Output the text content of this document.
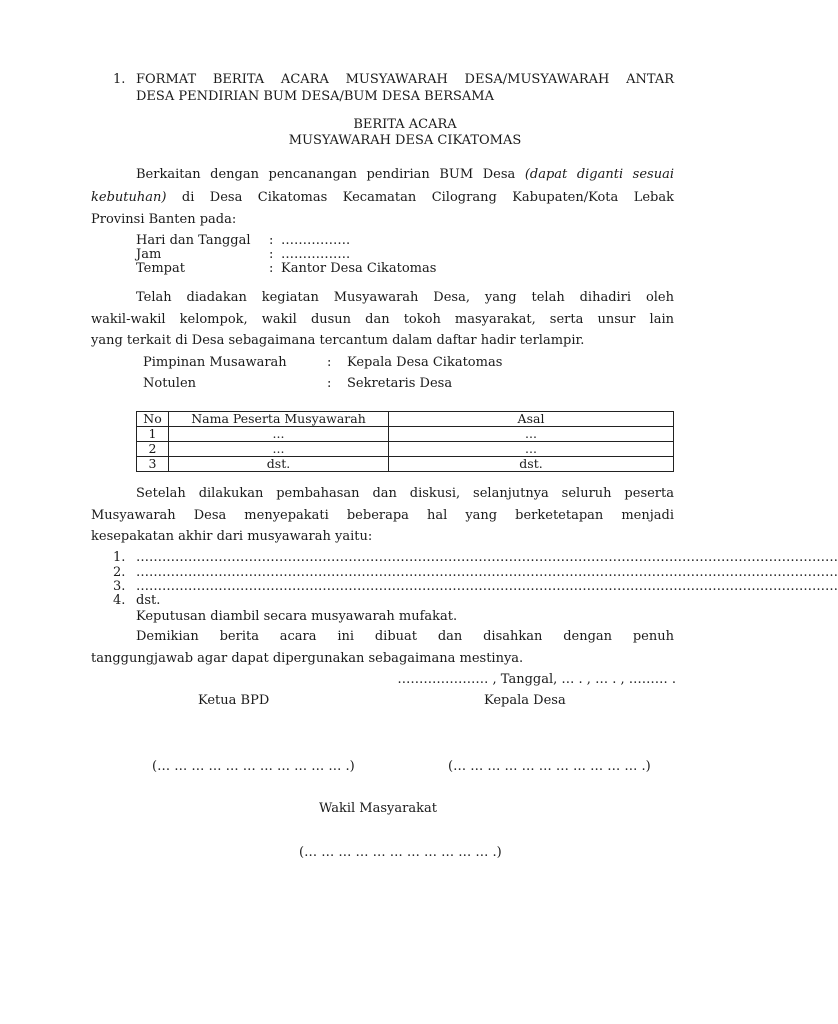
1. FORMAT BERITA ACARA MUSYAWARAH DESA/MUSYAWARAH ANTAR
DESA PENDIRIAN BUM DESA/BUM DESA BERSAMA
BERITA ACARA
MUSYAWARAH DESA CIKATOMAS
Berkaitan dengan pencanangan pendirian BUM Desa (dapat diganti sesuai
kebutuhan) di Desa Cikatomas Kecamatan Cilograng Kabupaten/Kota Lebak
Provinsi Banten pada:
Hari dan Tanggal : …………….
Jam	: …………….
Tempat	: Kantor Desa Cikatomas
Telah diadakan kegiatan Musyawarah Desa, yang telah dihadiri oleh
wakil-wakil kelompok, wakil dusun dan tokoh masyarakat, serta unsur lain
yang terkait di Desa sebagaimana tercantum dalam daftar hadir terlampir.
Pimpinan Musawarah	: Kepala Desa Cikatomas
Notulen	: Sekretaris Desa
No	Nama Peserta Musyawarah	Asal
1	...	...
2	...	...
3	dst.	dst.
Setelah dilakukan pembahasan dan diskusi, selanjutnya seluruh peserta
Musyawarah Desa menyepakati beberapa hal yang berketetapan menjadi
kesepakatan akhir dari musyawarah yaitu:
1. ………………………………………………………………………………………………………………………………………………
2. ………………………………………………………………………………………………………………………………………………
3. ………………………………………………………………………………………………………………………………………………
4. dst.
Keputusan diambil secara musyawarah mufakat.
Demikian berita acara ini dibuat dan disahkan dengan penuh
tanggungjawab agar dapat dipergunakan sebagaimana mestinya.
………………… , Tanggal, … . , … . , ……… .
Ketua BPD	Kepala Desa
(… … … … … … … … … … … .)	(… … … … … … … … … … … .)
Wakil Masyarakat
(… … … … … … … … … … … .)
